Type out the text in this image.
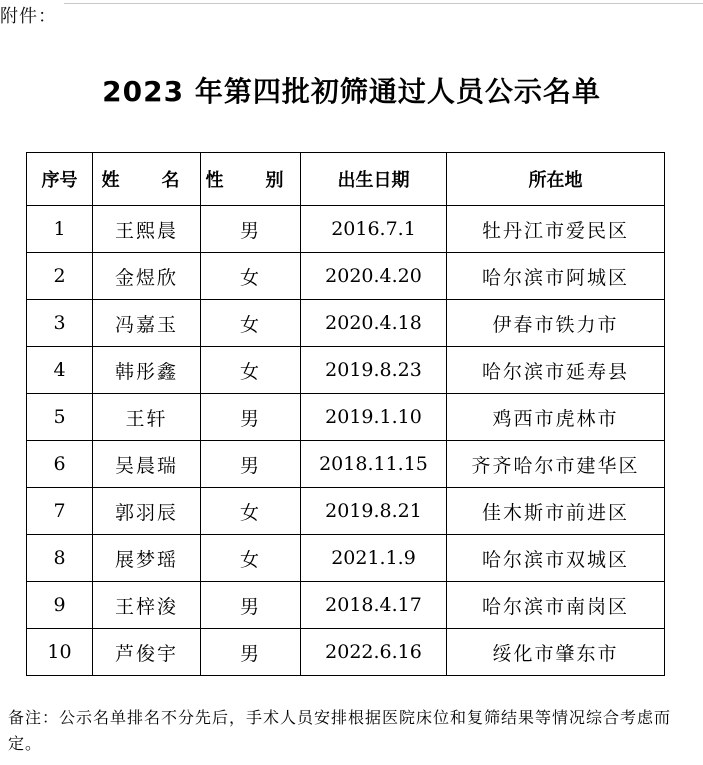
附件：
2023 年第四批初筛通过人员公示名单
序号	姓　名	性　别	出生日期	所在地
1	王熙晨	男	2016.7.1	牡丹江市爱民区
2	金煜欣	女	2020.4.20	哈尔滨市阿城区
3	冯嘉玉	女	2020.4.18	伊春市铁力市
4	韩彤鑫	女	2019.8.23	哈尔滨市延寿县
5	王轩	男	2019.1.10	鸡西市虎林市
6	吴晨瑞	男	2018.11.15	齐齐哈尔市建华区
7	郭羽辰	女	2019.8.21	佳木斯市前进区
8	展梦瑶	女	2021.1.9	哈尔滨市双城区
9	王梓浚	男	2018.4.17	哈尔滨市南岗区
10	芦俊宇	男	2022.6.16	绥化市肇东市
备注：公示名单排名不分先后，手术人员安排根据医院床位和复筛结果等情况综合考虑而定。
